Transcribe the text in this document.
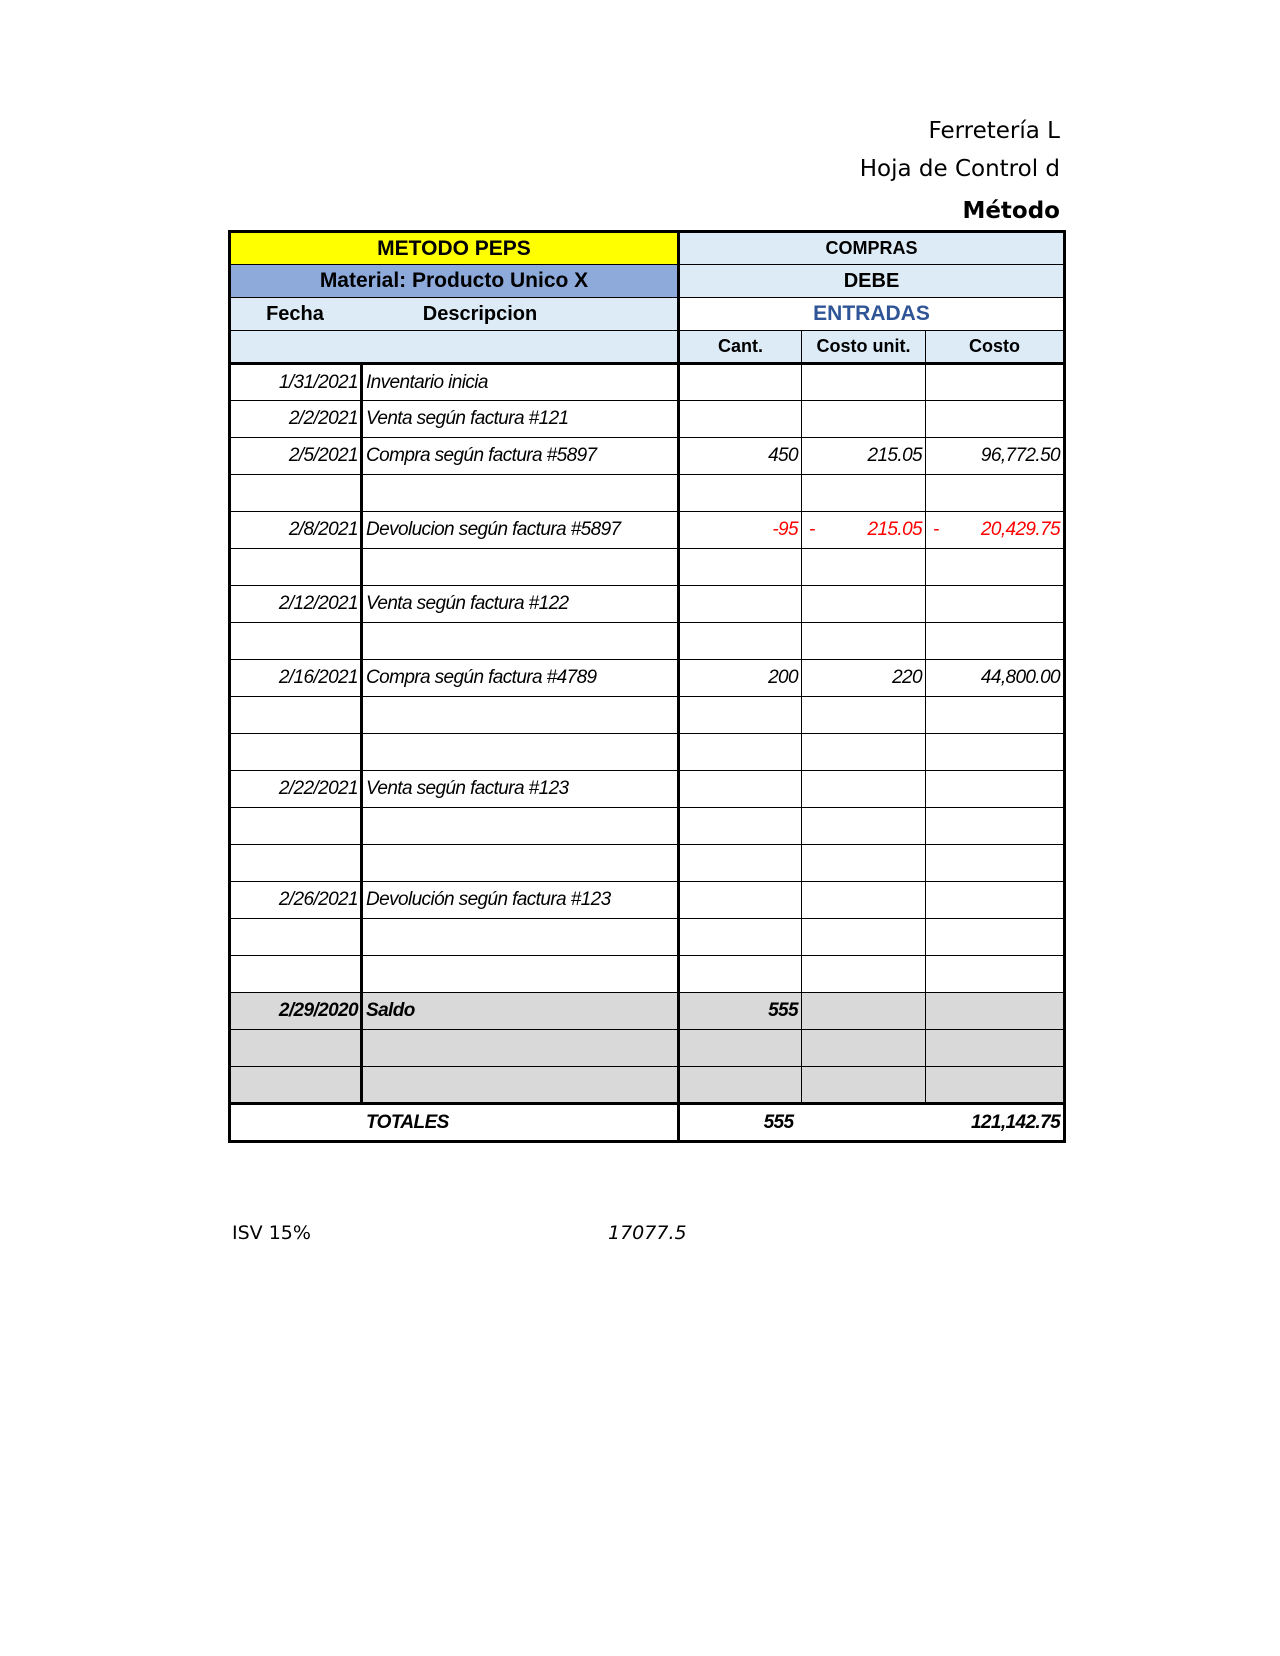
Ferretería L
Hoja de Control d
Método
METODO PEPS		COMPRAS		
Material: Producto Unico X		DEBE		
Fecha Descripcion		ENTRADAS		
		Cant.	Costo unit.	Costo
1/31/2021	Inventario inicia			
2/2/2021	Venta según factura #121			
2/5/2021	Compra según factura #5897	450	215.05	96,772.50

2/8/2021	Devolucion según factura #5897	-95	- 215.05	- 20,429.75

2/12/2021	Venta según factura #122			

2/16/2021	Compra según factura #4789	200	220	44,800.00

2/22/2021	Venta según factura #123			

2/26/2021	Devolución según factura #123			

2/29/2020	Saldo	555		

TOTALES		555		121,142.75
ISV 15%	17077.5
